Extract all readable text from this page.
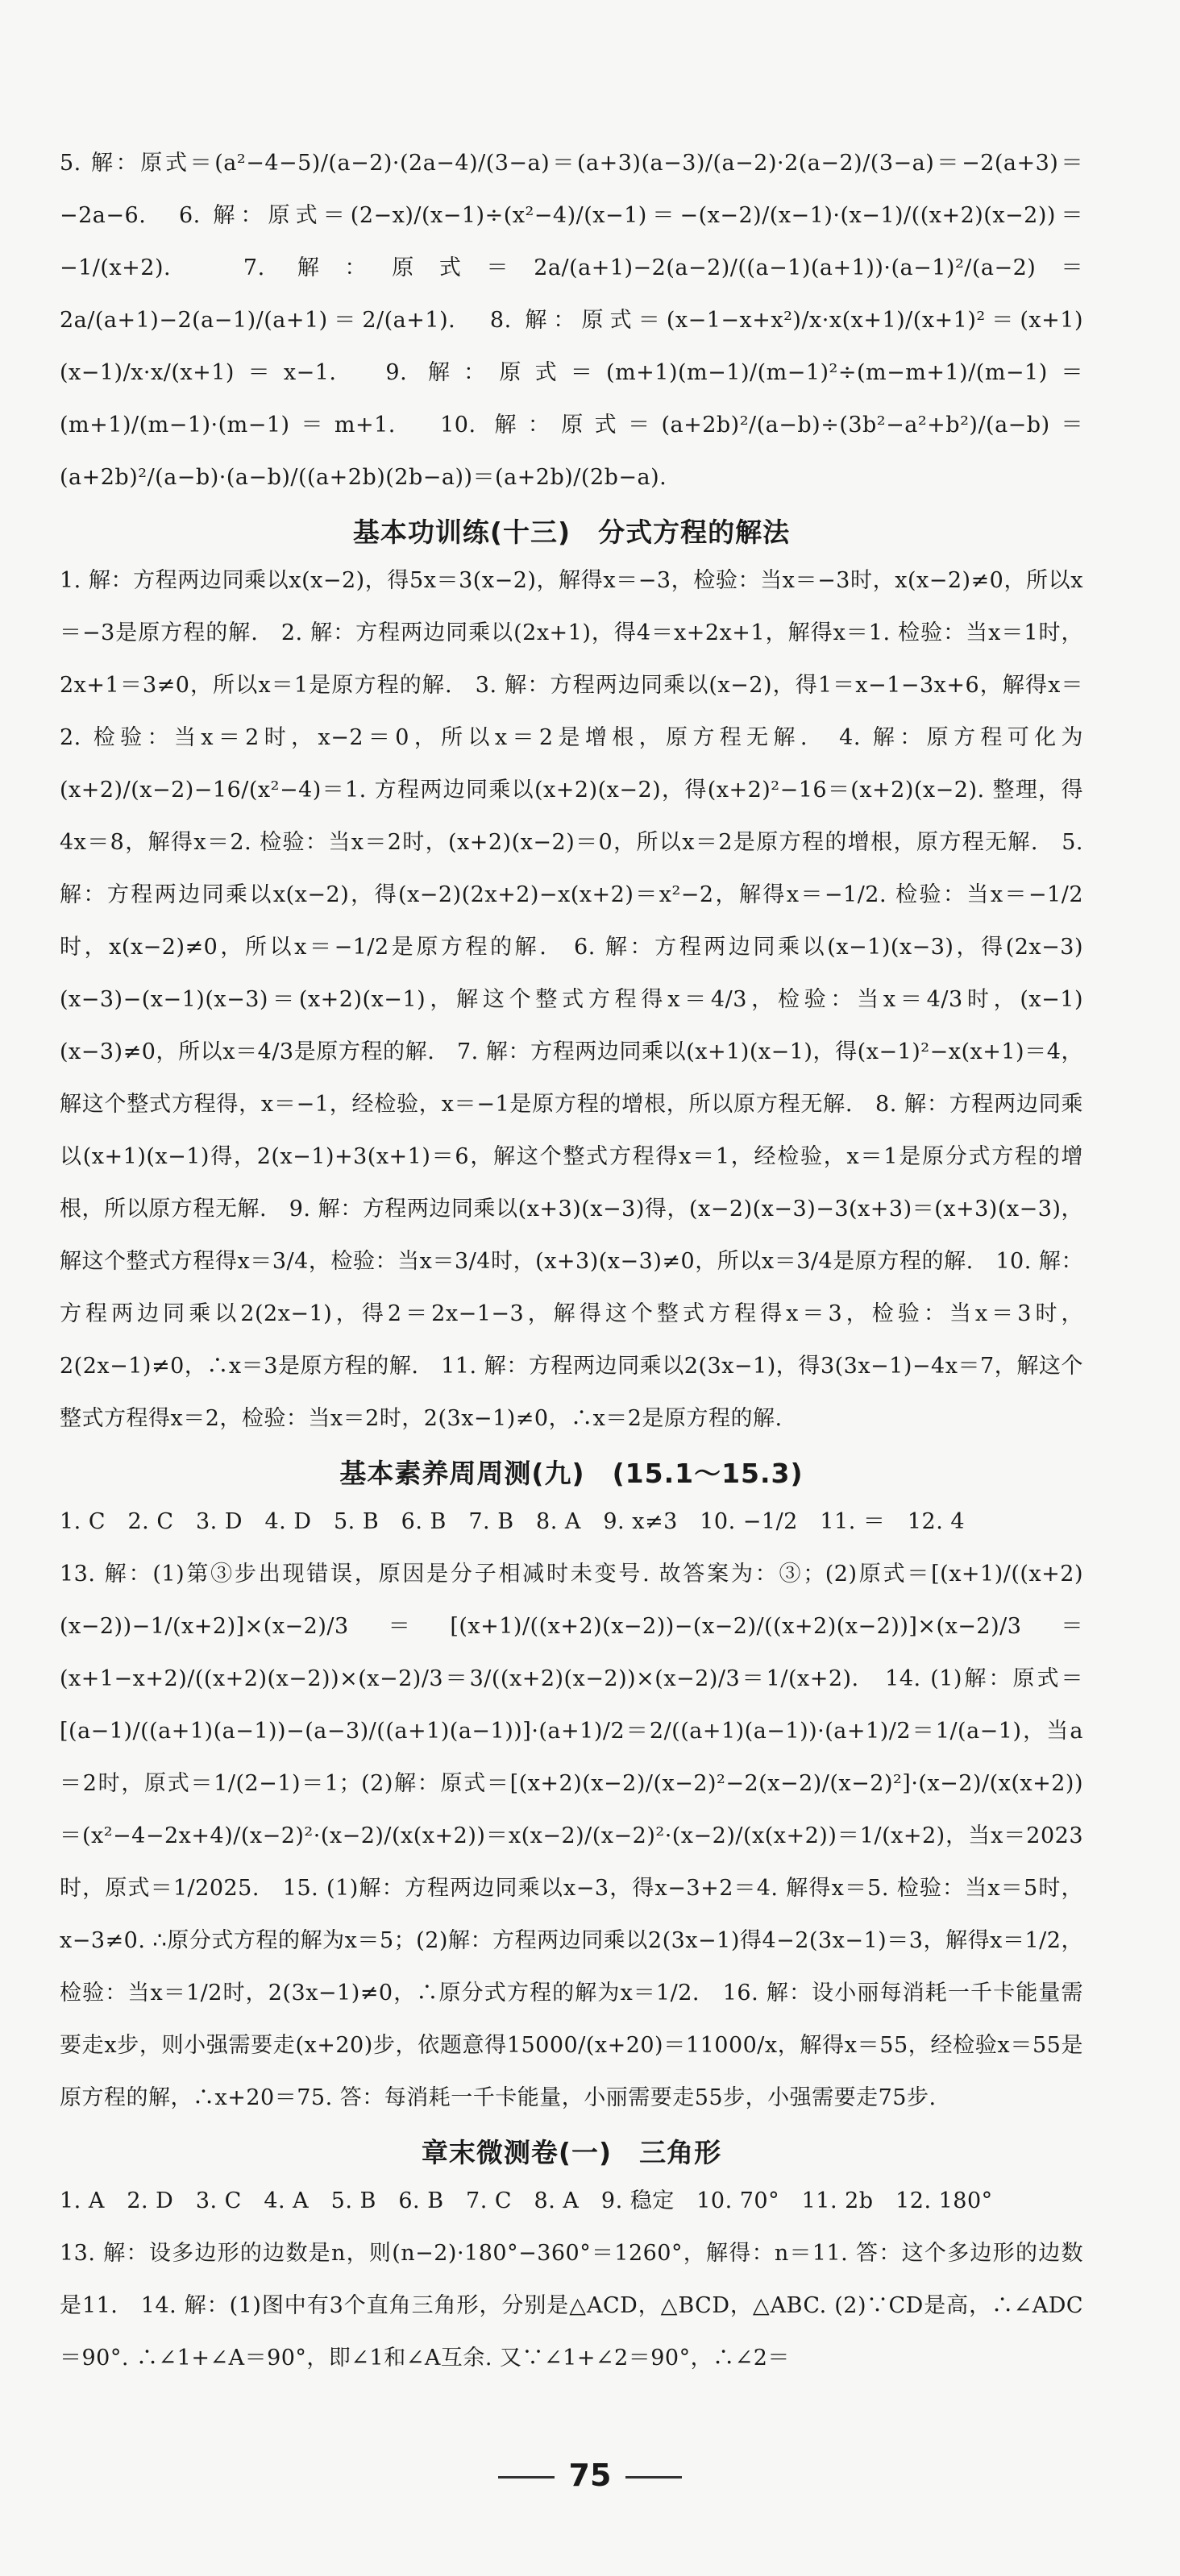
5. 解：原式＝(a²−4−5)/(a−2)·(2a−4)/(3−a)＝(a+3)(a−3)/(a−2)·2(a−2)/(3−a)＝−2(a+3)＝−2a−6.　6. 解：原式＝(2−x)/(x−1)÷(x²−4)/(x−1)＝−(x−2)/(x−1)·(x−1)/((x+2)(x−2))＝−1/(x+2).　7. 解：原式＝2a/(a+1)−2(a−2)/((a−1)(a+1))·(a−1)²/(a−2)＝2a/(a+1)−2(a−1)/(a+1)＝2/(a+1).　8. 解：原式＝(x−1−x+x²)/x·x(x+1)/(x+1)²＝(x+1)(x−1)/x·x/(x+1)＝x−1.　9. 解：原式＝(m+1)(m−1)/(m−1)²÷(m−m+1)/(m−1)＝(m+1)/(m−1)·(m−1)＝m+1.　10. 解：原式＝(a+2b)²/(a−b)÷(3b²−a²+b²)/(a−b)＝(a+2b)²/(a−b)·(a−b)/((a+2b)(2b−a))＝(a+2b)/(2b−a).

基本功训练(十三)　分式方程的解法

1. 解：方程两边同乘以x(x−2)，得5x＝3(x−2)，解得x＝−3，检验：当x＝−3时，x(x−2)≠0，所以x＝−3是原方程的解.　2. 解：方程两边同乘以(2x+1)，得4＝x+2x+1，解得x＝1. 检验：当x＝1时，2x+1＝3≠0，所以x＝1是原方程的解.　3. 解：方程两边同乘以(x−2)，得1＝x−1−3x+6，解得x＝2. 检验：当x＝2时，x−2＝0，所以x＝2是增根，原方程无解.　4. 解：原方程可化为(x+2)/(x−2)−16/(x²−4)＝1. 方程两边同乘以(x+2)(x−2)，得(x+2)²−16＝(x+2)(x−2). 整理，得4x＝8，解得x＝2. 检验：当x＝2时，(x+2)(x−2)＝0，所以x＝2是原方程的增根，原方程无解.　5. 解：方程两边同乘以x(x−2)，得(x−2)(2x+2)−x(x+2)＝x²−2，解得x＝−1/2. 检验：当x＝−1/2时，x(x−2)≠0，所以x＝−1/2是原方程的解.　6. 解：方程两边同乘以(x−1)(x−3)，得(2x−3)(x−3)−(x−1)(x−3)＝(x+2)(x−1)，解这个整式方程得x＝4/3，检验：当x＝4/3时，(x−1)(x−3)≠0，所以x＝4/3是原方程的解.　7. 解：方程两边同乘以(x+1)(x−1)，得(x−1)²−x(x+1)＝4，解这个整式方程得，x＝−1，经检验，x＝−1是原方程的增根，所以原方程无解.　8. 解：方程两边同乘以(x+1)(x−1)得，2(x−1)+3(x+1)＝6，解这个整式方程得x＝1，经检验，x＝1是原分式方程的增根，所以原方程无解.　9. 解：方程两边同乘以(x+3)(x−3)得，(x−2)(x−3)−3(x+3)＝(x+3)(x−3)，解这个整式方程得x＝3/4，检验：当x＝3/4时，(x+3)(x−3)≠0，所以x＝3/4是原方程的解.　10. 解：方程两边同乘以2(2x−1)，得2＝2x−1−3，解得这个整式方程得x＝3，检验：当x＝3时，2(2x−1)≠0，∴x＝3是原方程的解.　11. 解：方程两边同乘以2(3x−1)，得3(3x−1)−4x＝7，解这个整式方程得x＝2，检验：当x＝2时，2(3x−1)≠0，∴x＝2是原方程的解.

基本素养周周测(九)　(15.1～15.3)

1. C　2. C　3. D　4. D　5. B　6. B　7. B　8. A　9. x≠3　10. −1/2　11. ＝　12. 4

13. 解：(1)第③步出现错误，原因是分子相减时未变号. 故答案为：③；(2)原式＝[(x+1)/((x+2)(x−2))−1/(x+2)]×(x−2)/3＝[(x+1)/((x+2)(x−2))−(x−2)/((x+2)(x−2))]×(x−2)/3＝(x+1−x+2)/((x+2)(x−2))×(x−2)/3＝3/((x+2)(x−2))×(x−2)/3＝1/(x+2).　14. (1)解：原式＝[(a−1)/((a+1)(a−1))−(a−3)/((a+1)(a−1))]·(a+1)/2＝2/((a+1)(a−1))·(a+1)/2＝1/(a−1)，当a＝2时，原式＝1/(2−1)＝1；(2)解：原式＝[(x+2)(x−2)/(x−2)²−2(x−2)/(x−2)²]·(x−2)/(x(x+2))＝(x²−4−2x+4)/(x−2)²·(x−2)/(x(x+2))＝x(x−2)/(x−2)²·(x−2)/(x(x+2))＝1/(x+2)，当x＝2023时，原式＝1/2025.　15. (1)解：方程两边同乘以x−3，得x−3+2＝4. 解得x＝5. 检验：当x＝5时，x−3≠0. ∴原分式方程的解为x＝5；(2)解：方程两边同乘以2(3x−1)得4−2(3x−1)＝3，解得x＝1/2，检验：当x＝1/2时，2(3x−1)≠0，∴原分式方程的解为x＝1/2.　16. 解：设小丽每消耗一千卡能量需要走x步，则小强需要走(x+20)步，依题意得15000/(x+20)＝11000/x，解得x＝55，经检验x＝55是原方程的解，∴x+20＝75. 答：每消耗一千卡能量，小丽需要走55步，小强需要走75步.

章末微测卷(一)　三角形

1. A　2. D　3. C　4. A　5. B　6. B　7. C　8. A　9. 稳定　10. 70°　11. 2b　12. 180°

13. 解：设多边形的边数是n，则(n−2)·180°−360°＝1260°，解得：n＝11. 答：这个多边形的边数是11.　14. 解：(1)图中有3个直角三角形，分别是△ACD，△BCD，△ABC. (2)∵CD是高，∴∠ADC＝90°. ∴∠1+∠A＝90°，即∠1和∠A互余. 又∵∠1+∠2＝90°，∴∠2＝

75
